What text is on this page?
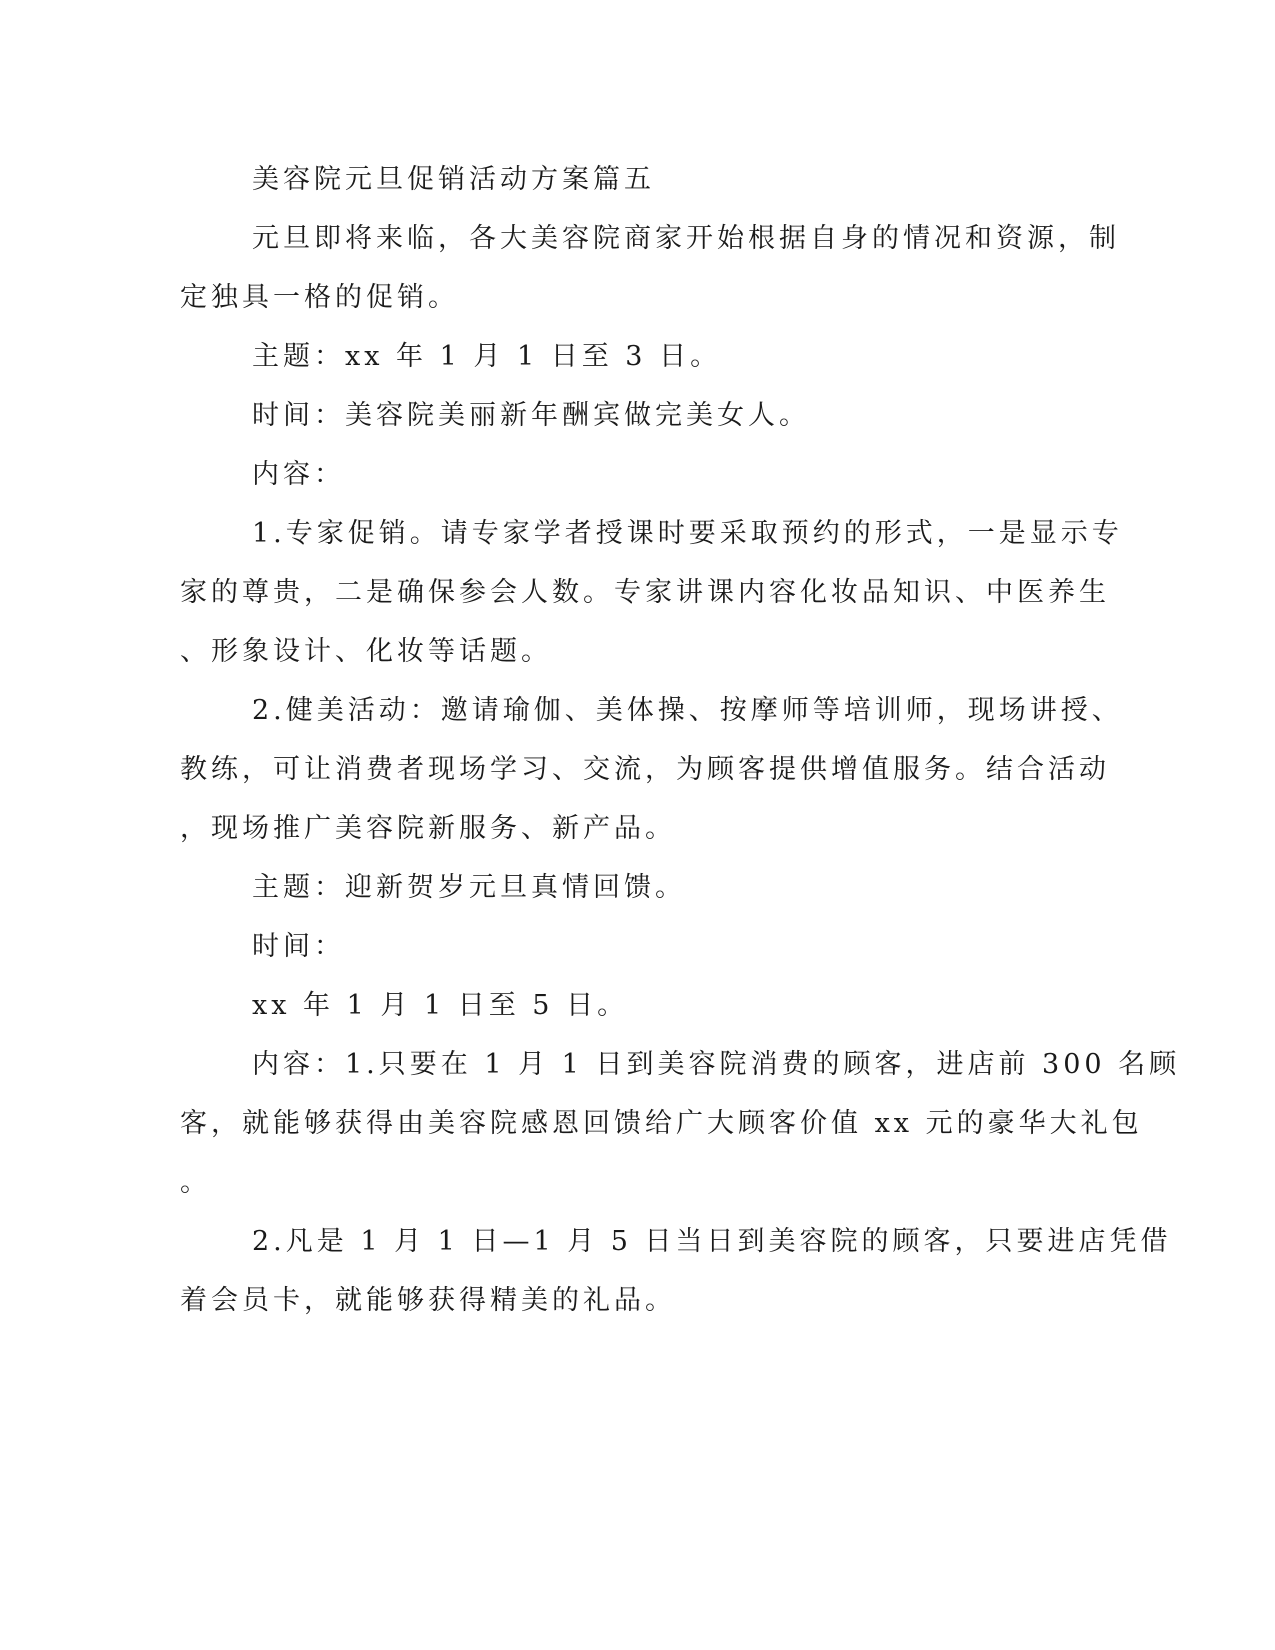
美容院元旦促销活动方案篇五
元旦即将来临，各大美容院商家开始根据自身的情况和资源，制
定独具一格的促销。
主题：xx 年 1 月 1 日至 3 日。
时间：美容院美丽新年酬宾做完美女人。
内容：
1.专家促销。请专家学者授课时要采取预约的形式，一是显示专
家的尊贵，二是确保参会人数。专家讲课内容化妆品知识、中医养生
、形象设计、化妆等话题。
2.健美活动：邀请瑜伽、美体操、按摩师等培训师，现场讲授、
教练，可让消费者现场学习、交流，为顾客提供增值服务。结合活动
，现场推广美容院新服务、新产品。
主题：迎新贺岁元旦真情回馈。
时间：
xx 年 1 月 1 日至 5 日。
内容：1.只要在 1 月 1 日到美容院消费的顾客，进店前 300 名顾
客，就能够获得由美容院感恩回馈给广大顾客价值 xx 元的豪华大礼包
。
2.凡是 1 月 1 日—1 月 5 日当日到美容院的顾客，只要进店凭借
着会员卡，就能够获得精美的礼品。
